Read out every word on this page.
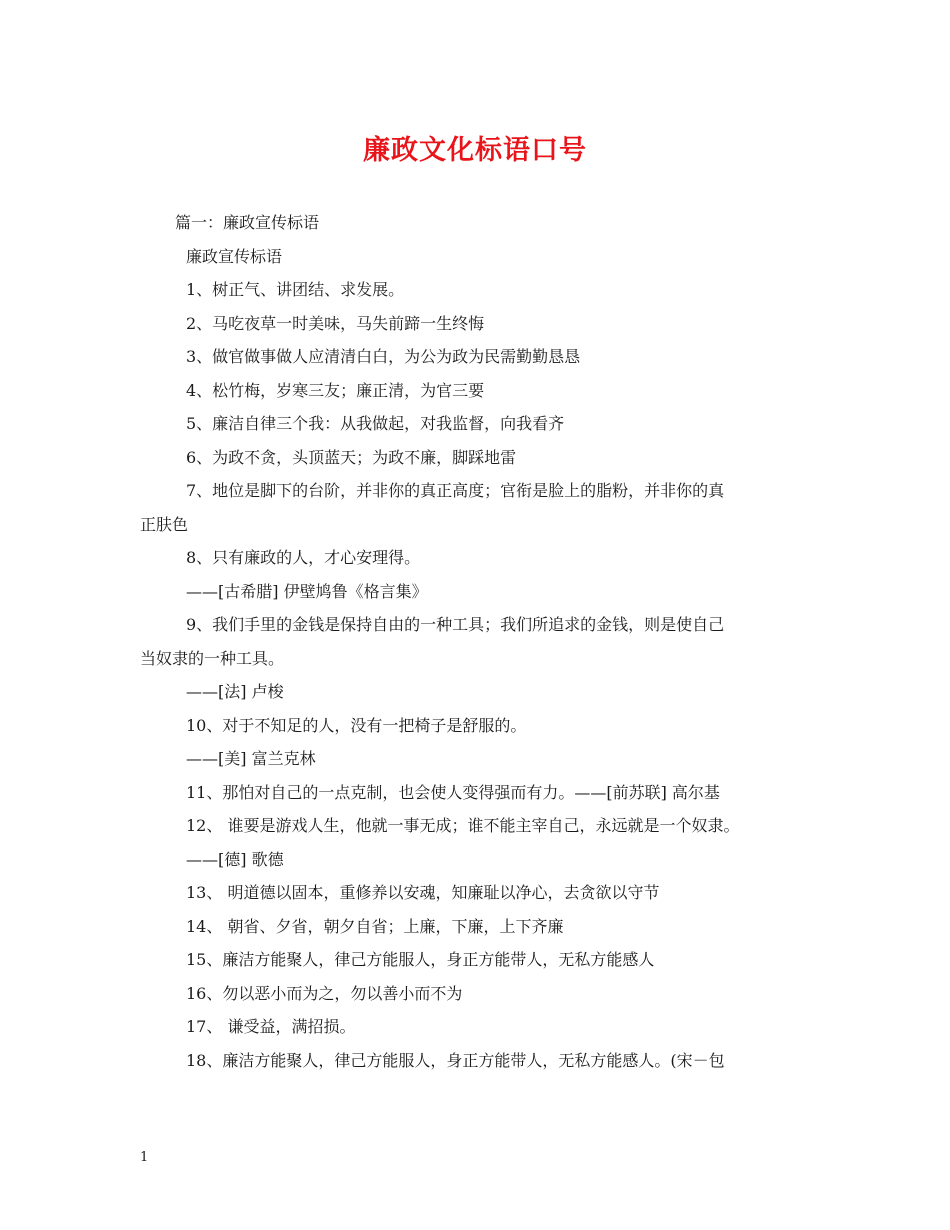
廉政文化标语口号
篇一：廉政宣传标语
廉政宣传标语
1、树正气、讲团结、求发展。
2、马吃夜草一时美味，马失前蹄一生终悔
3、做官做事做人应清清白白，为公为政为民需勤勤恳恳
4、松竹梅，岁寒三友；廉正清，为官三要
5、廉洁自律三个我：从我做起，对我监督，向我看齐
6、为政不贪，头顶蓝天；为政不廉，脚踩地雷
7、地位是脚下的台阶，并非你的真正高度；官衔是脸上的脂粉，并非你的真
正肤色
8、只有廉政的人，才心安理得。
——[古希腊] 伊壁鸠鲁《格言集》
9、我们手里的金钱是保持自由的一种工具；我们所追求的金钱，则是使自己
当奴隶的一种工具。
——[法] 卢梭
10、对于不知足的人，没有一把椅子是舒服的。
——[美] 富兰克林
11、那怕对自己的一点克制，也会使人变得强而有力。——[前苏联] 高尔基
12、 谁要是游戏人生，他就一事无成；谁不能主宰自己，永远就是一个奴隶。
——[德] 歌德
13、 明道德以固本，重修养以安魂，知廉耻以净心，去贪欲以守节
14、 朝省、夕省，朝夕自省；上廉，下廉，上下齐廉
15、廉洁方能聚人，律己方能服人，身正方能带人，无私方能感人
16、勿以恶小而为之，勿以善小而不为
17、 谦受益，满招损。
18、廉洁方能聚人，律己方能服人，身正方能带人，无私方能感人。(宋－包
1
